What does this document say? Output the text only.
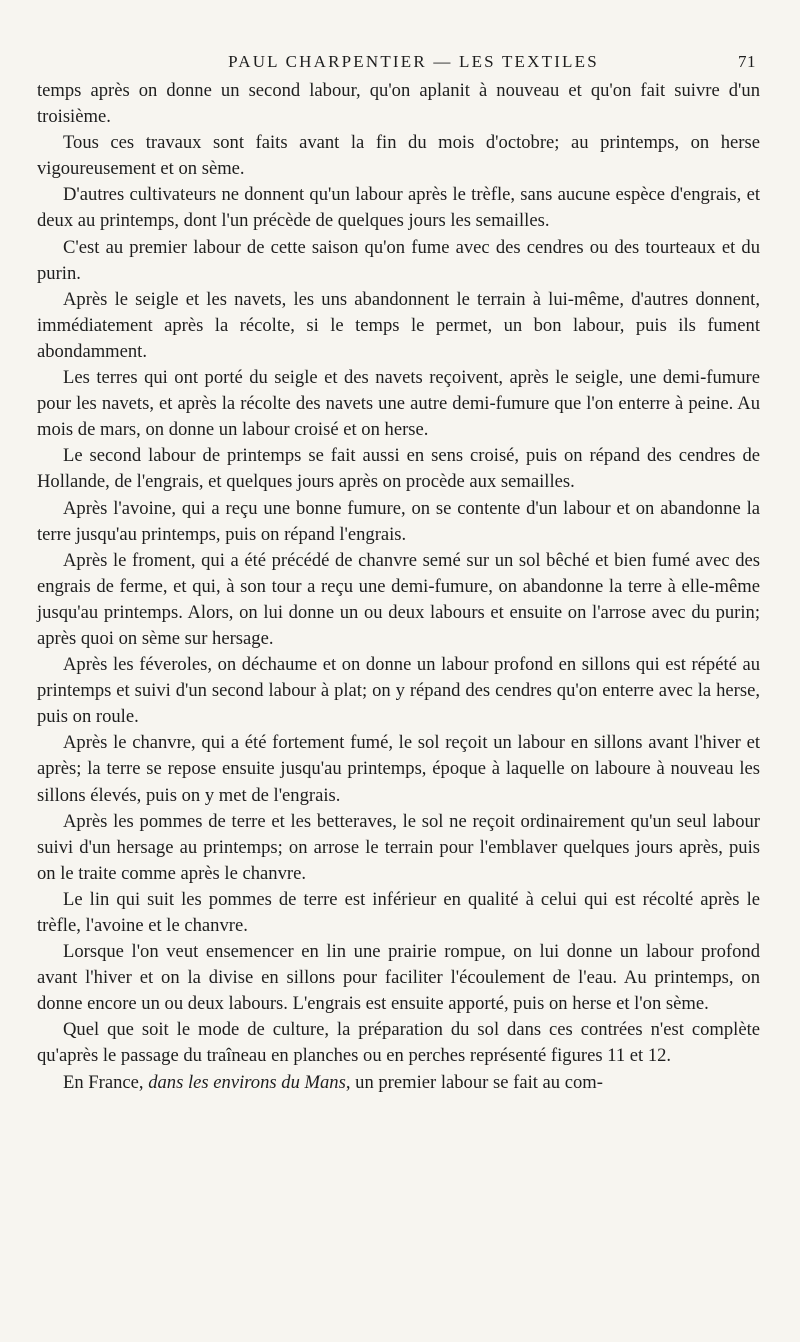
PAUL CHARPENTIER — LES TEXTILES	71

temps après on donne un second labour, qu'on aplanit à nouveau et qu'on fait suivre d'un troisième.

Tous ces travaux sont faits avant la fin du mois d'octobre; au printemps, on herse vigoureusement et on sème.

D'autres cultivateurs ne donnent qu'un labour après le trèfle, sans aucune espèce d'engrais, et deux au printemps, dont l'un précède de quelques jours les semailles.

C'est au premier labour de cette saison qu'on fume avec des cendres ou des tourteaux et du purin.

Après le seigle et les navets, les uns abandonnent le terrain à lui-même, d'autres donnent, immédiatement après la récolte, si le temps le permet, un bon labour, puis ils fument abondamment.

Les terres qui ont porté du seigle et des navets reçoivent, après le seigle, une demi-fumure pour les navets, et après la récolte des navets une autre demi-fumure que l'on enterre à peine. Au mois de mars, on donne un labour croisé et on herse.

Le second labour de printemps se fait aussi en sens croisé, puis on répand des cendres de Hollande, de l'engrais, et quelques jours après on procède aux semailles.

Après l'avoine, qui a reçu une bonne fumure, on se contente d'un labour et on abandonne la terre jusqu'au printemps, puis on répand l'engrais.

Après le froment, qui a été précédé de chanvre semé sur un sol bêché et bien fumé avec des engrais de ferme, et qui, à son tour a reçu une demi-fumure, on abandonne la terre à elle-même jusqu'au printemps. Alors, on lui donne un ou deux labours et ensuite on l'arrose avec du purin; après quoi on sème sur hersage.

Après les féveroles, on déchaume et on donne un labour profond en sillons qui est répété au printemps et suivi d'un second labour à plat; on y répand des cendres qu'on enterre avec la herse, puis on roule.

Après le chanvre, qui a été fortement fumé, le sol reçoit un labour en sillons avant l'hiver et après; la terre se repose ensuite jusqu'au printemps, époque à laquelle on laboure à nouveau les sillons élevés, puis on y met de l'engrais.

Après les pommes de terre et les betteraves, le sol ne reçoit ordinairement qu'un seul labour suivi d'un hersage au printemps; on arrose le terrain pour l'emblaver quelques jours après, puis on le traite comme après le chanvre.

Le lin qui suit les pommes de terre est inférieur en qualité à celui qui est récolté après le trèfle, l'avoine et le chanvre.

Lorsque l'on veut ensemencer en lin une prairie rompue, on lui donne un labour profond avant l'hiver et on la divise en sillons pour faciliter l'écoulement de l'eau. Au printemps, on donne encore un ou deux labours. L'engrais est ensuite apporté, puis on herse et l'on sème.

Quel que soit le mode de culture, la préparation du sol dans ces contrées n'est complète qu'après le passage du traîneau en planches ou en perches représenté figures 11 et 12.

En France, dans les environs du Mans, un premier labour se fait au com-
